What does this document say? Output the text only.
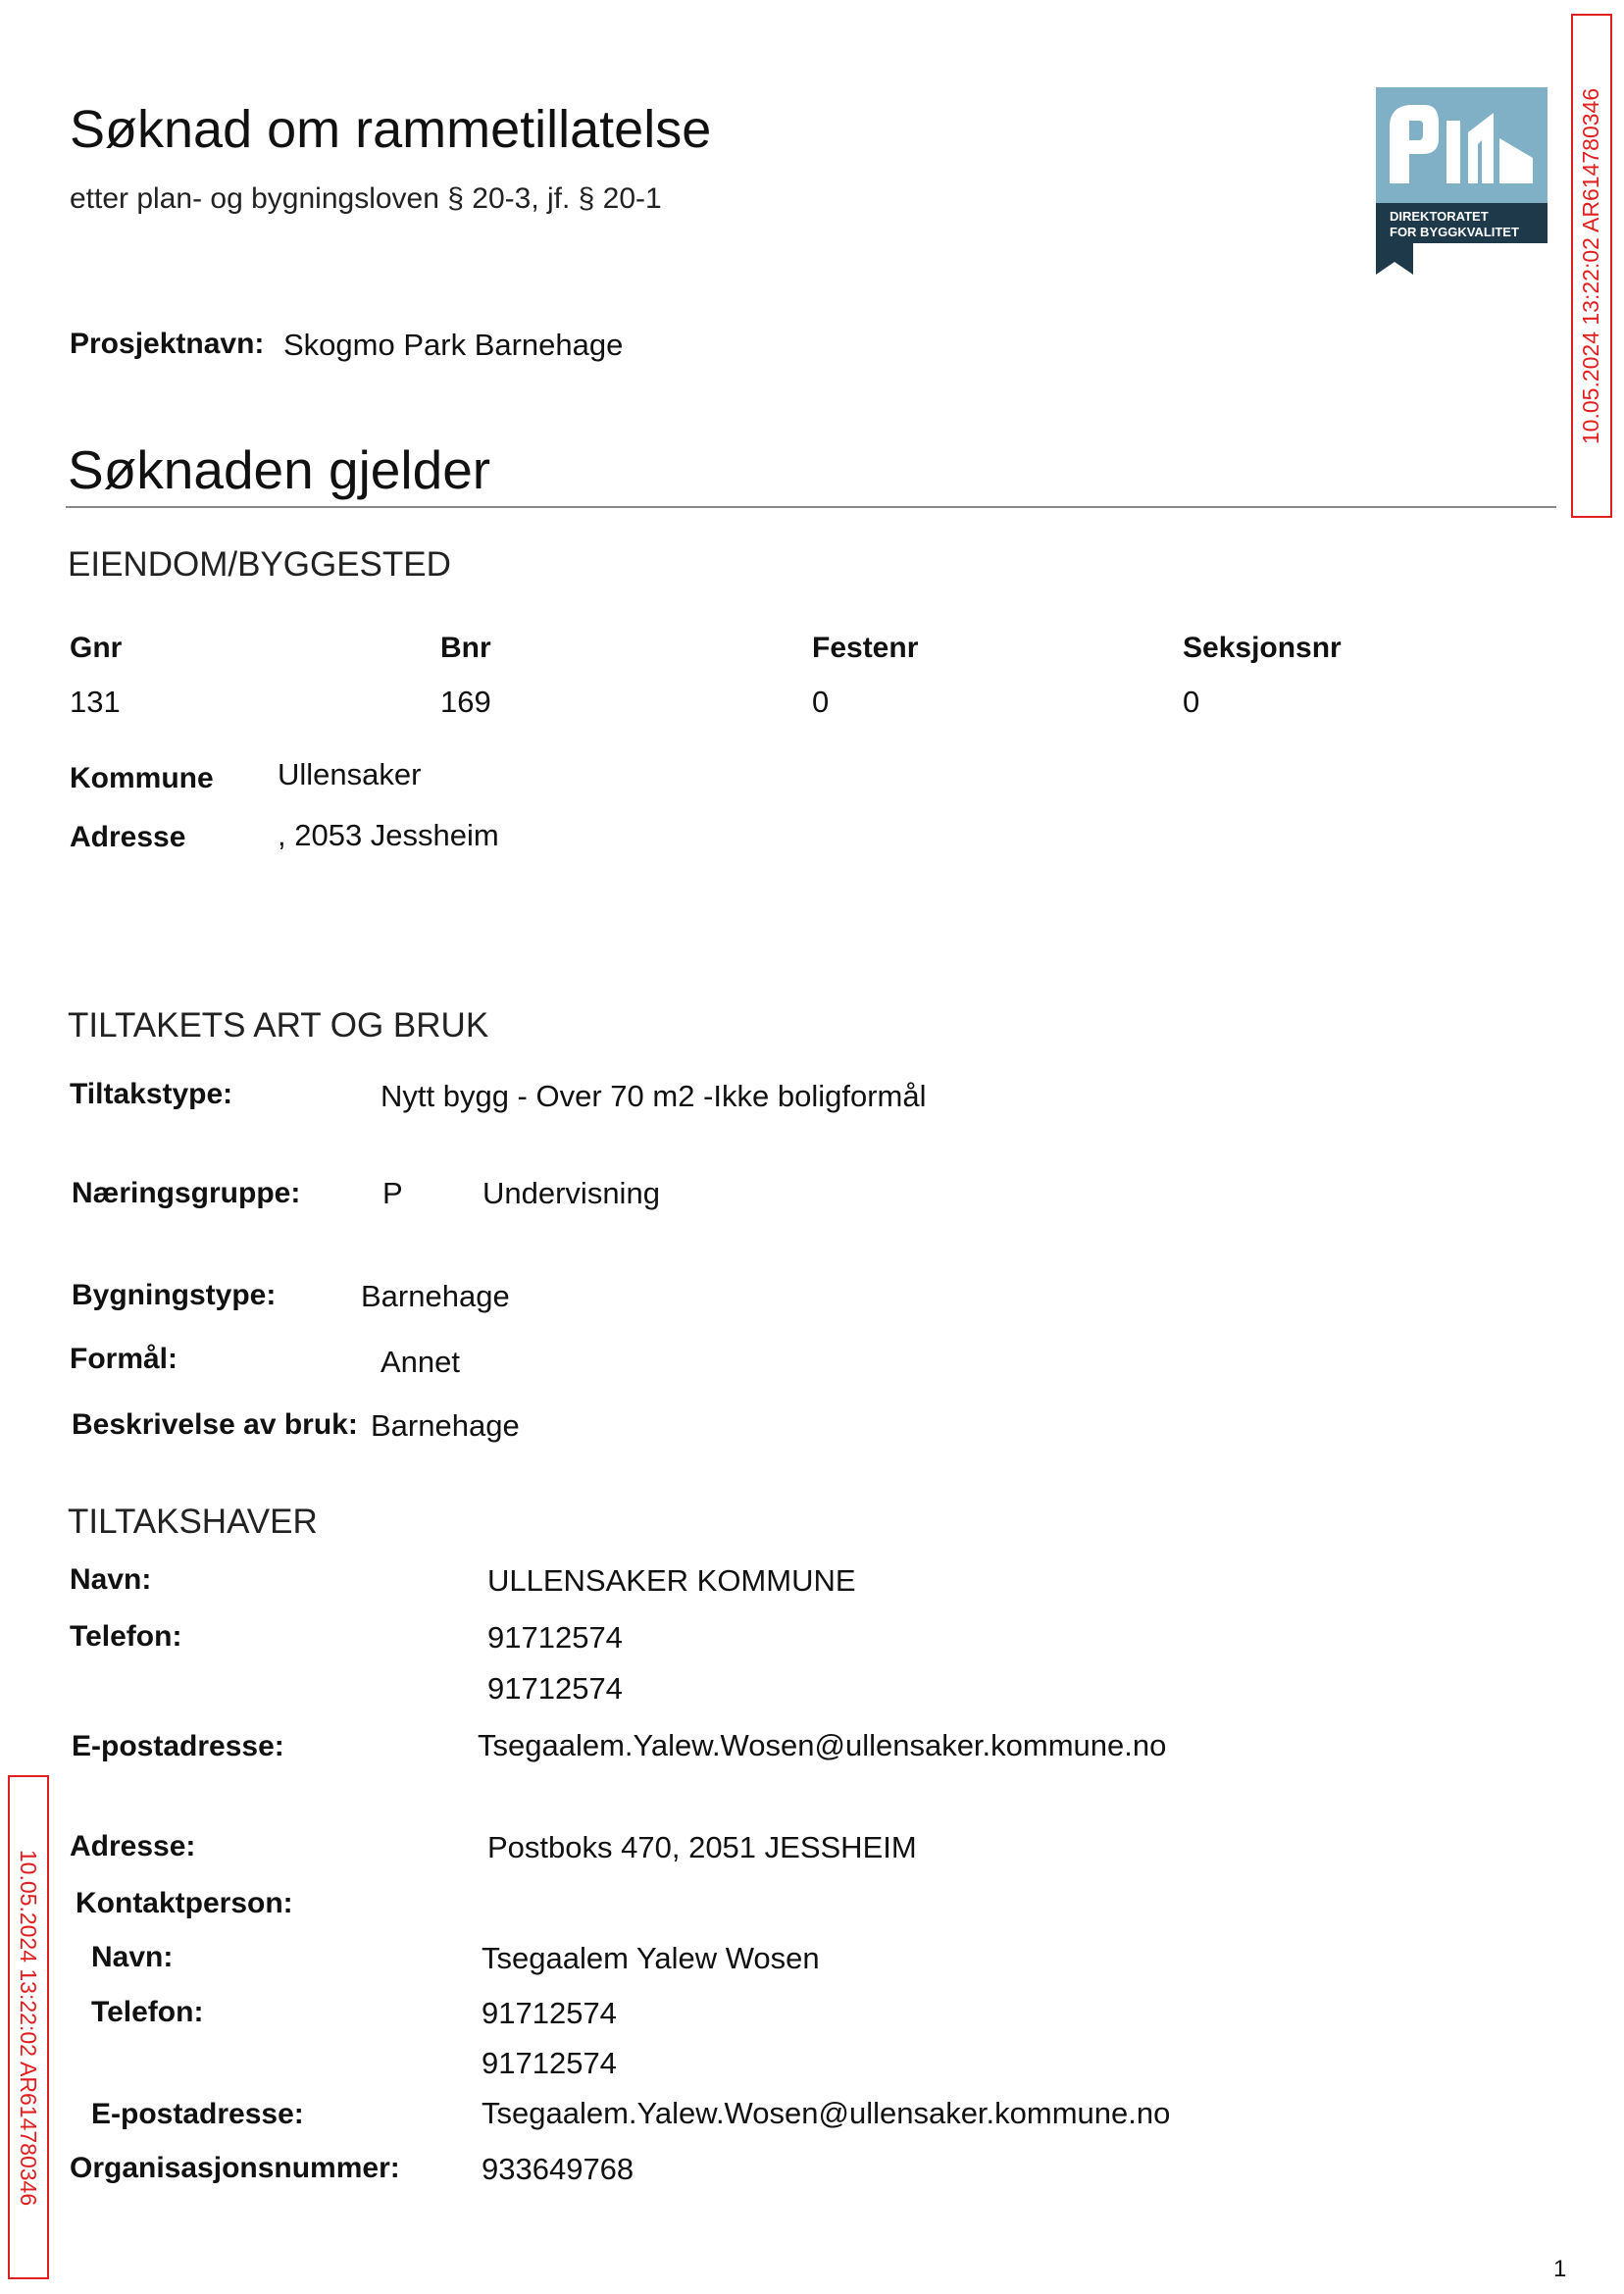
Søknad om rammetillatelse
etter plan- og bygningsloven § 20-3, jf. § 20-1
DIREKTORATET
FOR BYGGKVALITET	10.05.2024 13:22:02 AR614780346
Prosjektnavn: Skogmo Park Barnehage
Søknaden gjelder
EIENDOM/BYGGESTED
Gnr	Bnr	Festenr	Seksjonsnr
131	169	0	0
Kommune Ullensaker
Adresse	, 2053 Jessheim
TILTAKETS ART OG BRUK
Tiltakstype:	Nytt bygg - Over 70 m2 -Ikke boligformål
Næringsgruppe:	P	Undervisning
Bygningstype:	Barnehage
Formål:	Annet
Beskrivelse av bruk: Barnehage
TILTAKSHAVER
Navn:	ULLENSAKER KOMMUNE
Telefon:	91712574
91712574
E-postadresse:	Tsegaalem.Yalew.Wosen@ullensaker.kommune.no
Adresse:	Postboks 470, 2051 JESSHEIM
Kontaktperson:
Navn:	Tsegaalem Yalew Wosen
Telefon:	91712574
91712574
E-postadresse:	Tsegaalem.Yalew.Wosen@ullensaker.kommune.no
Organisasjonsnummer:	933649768
10.05.2024 13:22:02 AR614780346
1
